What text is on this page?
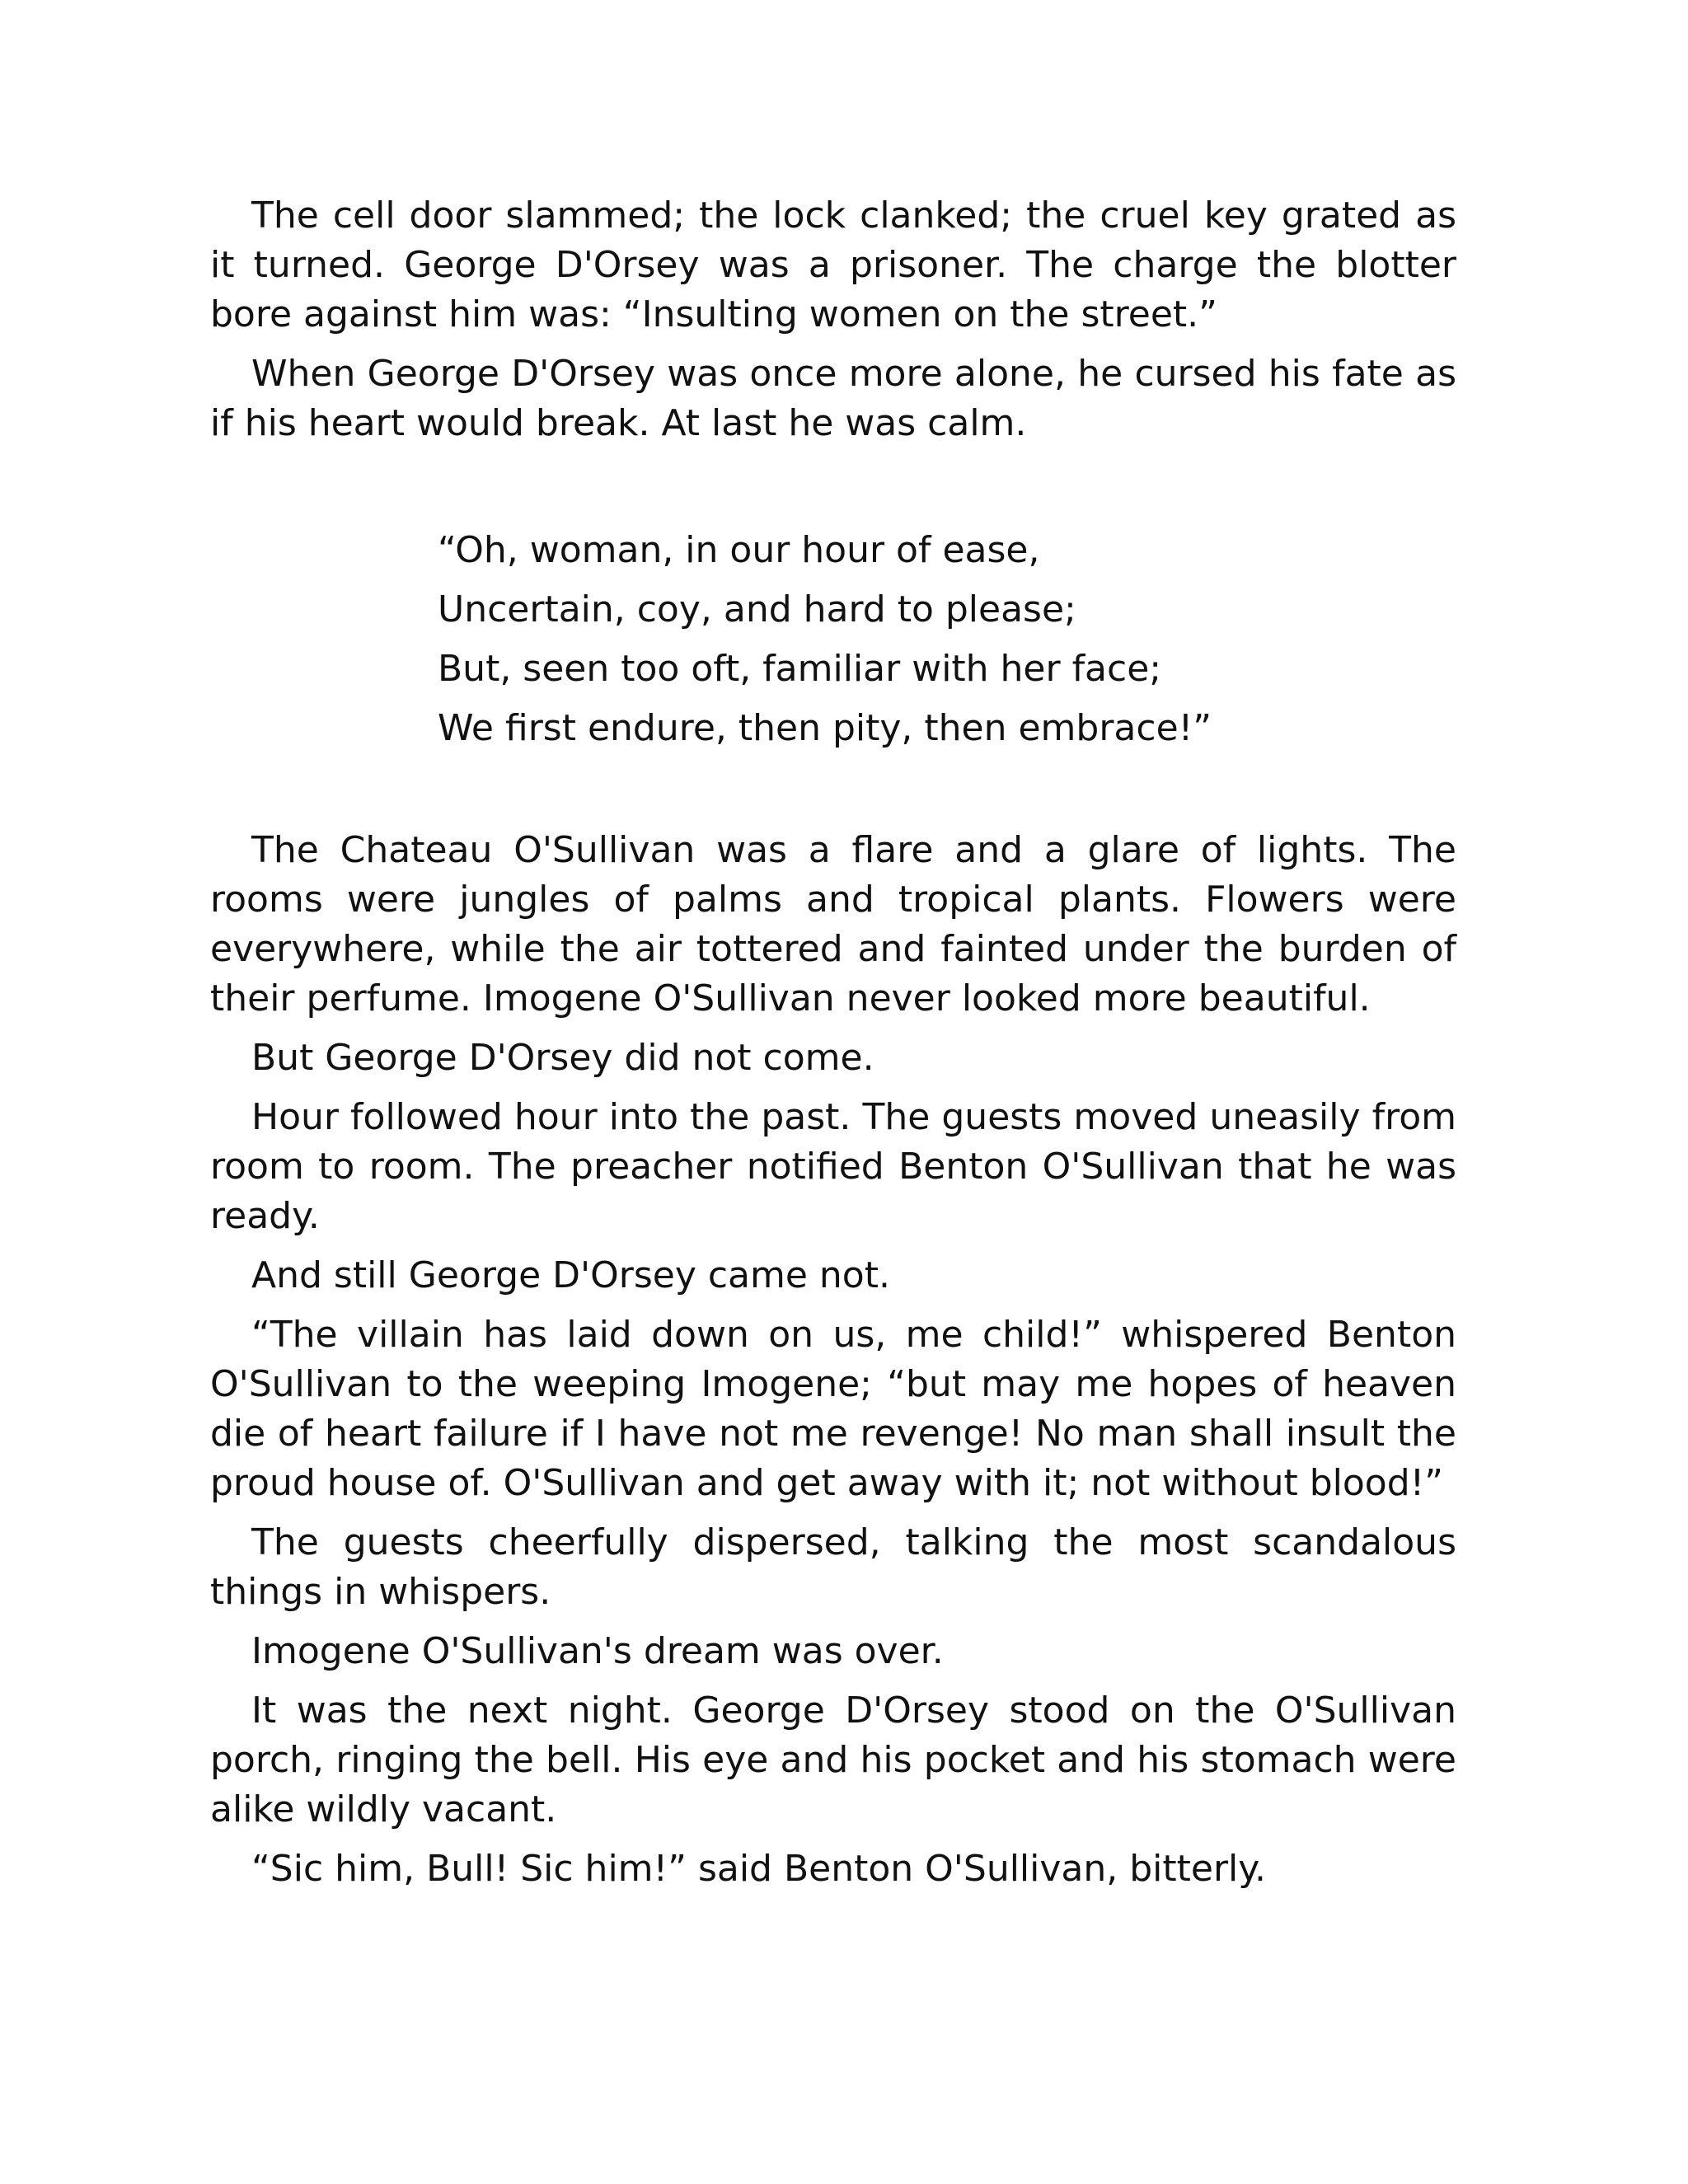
The cell door slammed; the lock clanked; the cruel key grated as it turned. George D'Orsey was a prisoner. The charge the blotter bore against him was: “Insulting women on the street.”

When George D'Orsey was once more alone, he cursed his fate as if his heart would break. At last he was calm.

“Oh, woman, in our hour of ease,
Uncertain, coy, and hard to please;
But, seen too oft, familiar with her face;
We first endure, then pity, then embrace!”

The Chateau O'Sullivan was a flare and a glare of lights. The rooms were jungles of palms and tropical plants. Flowers were everywhere, while the air tottered and fainted under the burden of their perfume. Imogene O'Sullivan never looked more beautiful.

But George D'Orsey did not come.

Hour followed hour into the past. The guests moved uneasily from room to room. The preacher notified Benton O'Sullivan that he was ready.

And still George D'Orsey came not.

“The villain has laid down on us, me child!” whispered Benton O'Sullivan to the weeping Imogene; “but may me hopes of heaven die of heart failure if I have not me revenge! No man shall insult the proud house of. O'Sullivan and get away with it; not without blood!”

The guests cheerfully dispersed, talking the most scandalous things in whispers.

Imogene O'Sullivan's dream was over.

It was the next night. George D'Orsey stood on the O'Sullivan porch, ringing the bell. His eye and his pocket and his stomach were alike wildly vacant.

“Sic him, Bull! Sic him!” said Benton O'Sullivan, bitterly.
